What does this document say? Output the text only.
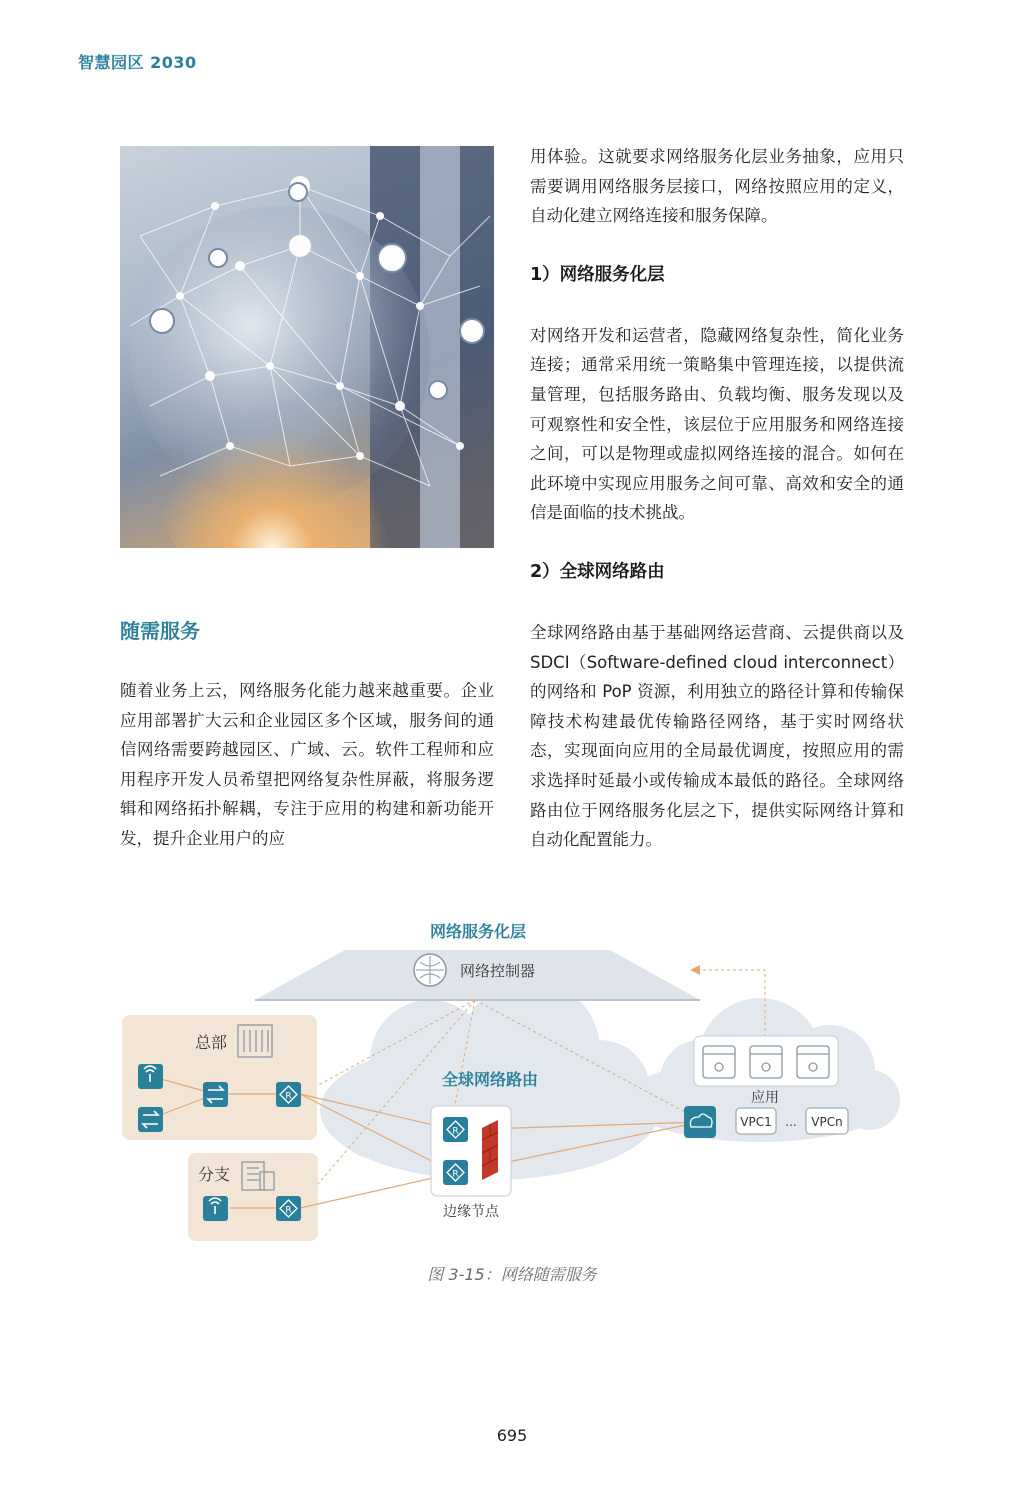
智慧园区 2030

用体验。这就要求网络服务化层业务抽象，应用只需要调用网络服务层接口，网络按照应用的定义，自动化建立网络连接和服务保障。

1）网络服务化层

对网络开发和运营者，隐藏网络复杂性，简化业务连接；通常采用统一策略集中管理连接，以提供流量管理，包括服务路由、负载均衡、服务发现以及可观察性和安全性，该层位于应用服务和网络连接之间，可以是物理或虚拟网络连接的混合。如何在此环境中实现应用服务之间可靠、高效和安全的通信是面临的技术挑战。

2）全球网络路由

全球网络路由基于基础网络运营商、云提供商以及 SDCI（Software-defined cloud interconnect）的网络和 PoP 资源，利用独立的路径计算和传输保障技术构建最优传输路径网络，基于实时网络状态，实现面向应用的全局最优调度，按照应用的需求选择时延最小或传输成本最低的路径。全球网络路由位于网络服务化层之下，提供实际网络计算和自动化配置能力。

随需服务

随着业务上云，网络服务化能力越来越重要。企业应用部署扩大云和企业园区多个区域，服务间的通信网络需要跨越园区、广域、云。软件工程师和应用程序开发人员希望把网络复杂性屏蔽，将服务逻辑和网络拓扑解耦，专注于应用的构建和新功能开发，提升企业用户的应

网络服务化层
网络控制器
总部
分支
R
R
全球网络路由
R
R
边缘节点
应用
VPC1 ... VPCn
图 3-15：网络随需服务
695
